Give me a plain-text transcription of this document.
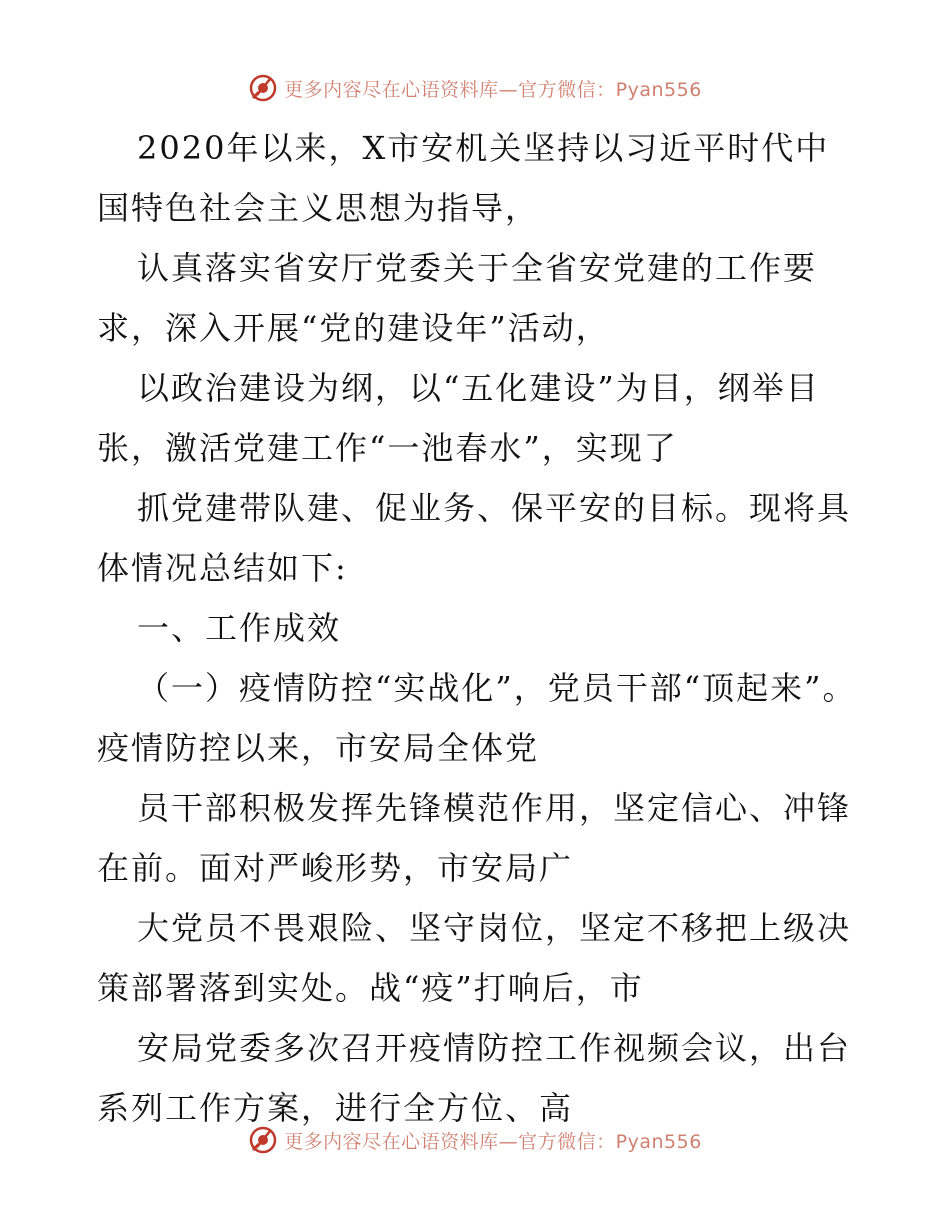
更多内容尽在心语资料库—官方微信：Pyan556

2020年以来，X市安机关坚持以习近平时代中国特色社会主义思想为指导，

认真落实省安厅党委关于全省安党建的工作要求，深入开展“党的建设年”活动，

以政治建设为纲，以“五化建设”为目，纲举目张，激活党建工作“一池春水”，实现了

抓党建带队建、促业务、保平安的目标。现将具体情况总结如下:

一、工作成效

（一）疫情防控“实战化”，党员干部“顶起来”。疫情防控以来，市安局全体党

员干部积极发挥先锋模范作用，坚定信心、冲锋在前。面对严峻形势，市安局广

大党员不畏艰险、坚守岗位，坚定不移把上级决策部署落到实处。战“疫”打响后，市

安局党委多次召开疫情防控工作视频会议，出台系列工作方案，进行全方位、高

更多内容尽在心语资料库—官方微信：Pyan556
